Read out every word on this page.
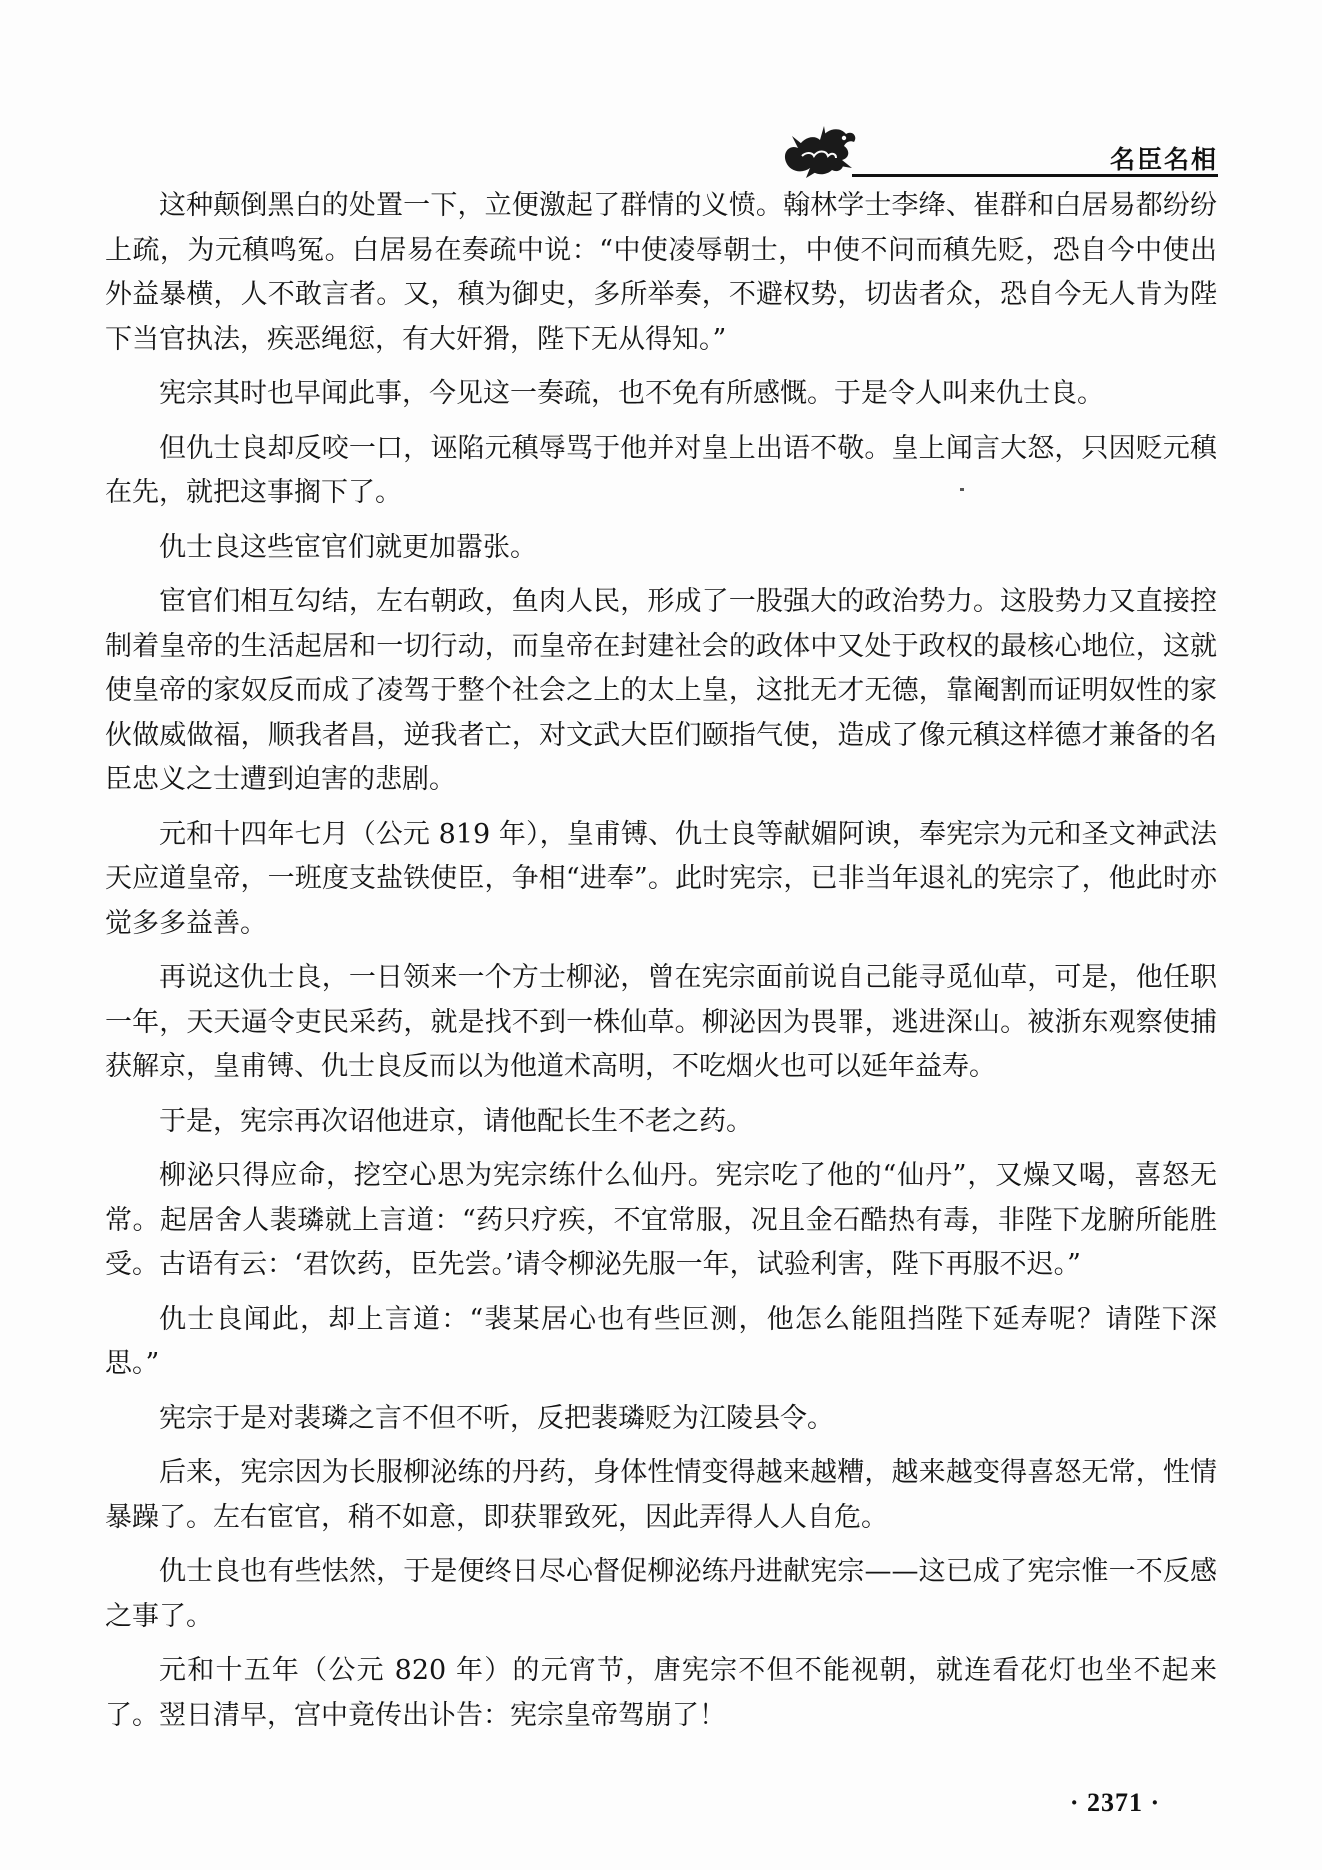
名臣名相

这种颠倒黑白的处置一下，立便激起了群情的义愤。翰林学士李绛、崔群和白居易都纷纷上疏，为元稹鸣冤。白居易在奏疏中说：“中使凌辱朝士，中使不问而稹先贬，恐自今中使出外益暴横，人不敢言者。又，稹为御史，多所举奏，不避权势，切齿者众，恐自今无人肯为陛下当官执法，疾恶绳愆，有大奸猾，陛下无从得知。”

宪宗其时也早闻此事，今见这一奏疏，也不免有所感慨。于是令人叫来仇士良。

但仇士良却反咬一口，诬陷元稹辱骂于他并对皇上出语不敬。皇上闻言大怒，只因贬元稹在先，就把这事搁下了。

仇士良这些宦官们就更加嚣张。

宦官们相互勾结，左右朝政，鱼肉人民，形成了一股强大的政治势力。这股势力又直接控制着皇帝的生活起居和一切行动，而皇帝在封建社会的政体中又处于政权的最核心地位，这就使皇帝的家奴反而成了凌驾于整个社会之上的太上皇，这批无才无德，靠阉割而证明奴性的家伙做威做福，顺我者昌，逆我者亡，对文武大臣们颐指气使，造成了像元稹这样德才兼备的名臣忠义之士遭到迫害的悲剧。

元和十四年七月（公元 819 年），皇甫镈、仇士良等献媚阿谀，奉宪宗为元和圣文神武法天应道皇帝，一班度支盐铁使臣，争相“进奉”。此时宪宗，已非当年退礼的宪宗了，他此时亦觉多多益善。

再说这仇士良，一日领来一个方士柳泌，曾在宪宗面前说自己能寻觅仙草，可是，他任职一年，天天逼令吏民采药，就是找不到一株仙草。柳泌因为畏罪，逃进深山。被浙东观察使捕获解京，皇甫镈、仇士良反而以为他道术高明，不吃烟火也可以延年益寿。

于是，宪宗再次诏他进京，请他配长生不老之药。

柳泌只得应命，挖空心思为宪宗练什么仙丹。宪宗吃了他的“仙丹”，又燥又喝，喜怒无常。起居舍人裴璘就上言道：“药只疗疾，不宜常服，况且金石酷热有毒，非陛下龙腑所能胜受。古语有云：‘君饮药，臣先尝。’请令柳泌先服一年，试验利害，陛下再服不迟。”

仇士良闻此，却上言道：“裴某居心也有些叵测，他怎么能阻挡陛下延寿呢？请陛下深思。”

宪宗于是对裴璘之言不但不听，反把裴璘贬为江陵县令。

后来，宪宗因为长服柳泌练的丹药，身体性情变得越来越糟，越来越变得喜怒无常，性情暴躁了。左右宦官，稍不如意，即获罪致死，因此弄得人人自危。

仇士良也有些怯然，于是便终日尽心督促柳泌练丹进献宪宗——这已成了宪宗惟一不反感之事了。

元和十五年（公元 820 年）的元宵节，唐宪宗不但不能视朝，就连看花灯也坐不起来了。翌日清早，宫中竟传出讣告：宪宗皇帝驾崩了！

· 2371 ·
